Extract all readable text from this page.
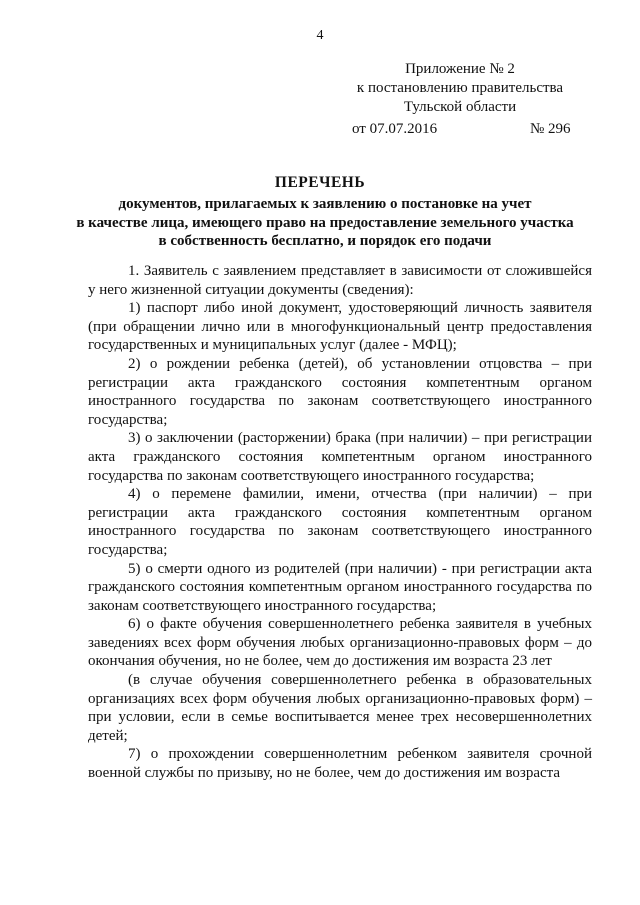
4
Приложение № 2
к постановлению правительства
Тульской области
от 07.07.2016	№ 296
ПЕРЕЧЕНЬ
документов, прилагаемых к заявлению о постановке на учет
в качестве лица, имеющего право на предоставление земельного участка
в собственность бесплатно, и порядок его подачи

1. Заявитель с заявлением представляет в зависимости от сложившейся у него жизненной ситуации документы (сведения):

1) паспорт либо иной документ, удостоверяющий личность заявителя (при обращении лично или в многофункциональный центр предоставления государственных и муниципальных услуг (далее - МФЦ);

2) о рождении ребенка (детей), об установлении отцовства – при регистрации акта гражданского состояния компетентным органом иностранного государства по законам соответствующего иностранного государства;

3) о заключении (расторжении) брака (при наличии) – при регистрации акта гражданского состояния компетентным органом иностранного государства по законам соответствующего иностранного государства;

4) о перемене фамилии, имени, отчества (при наличии) – при регистрации акта гражданского состояния компетентным органом иностранного государства по законам соответствующего иностранного государства;

5) о смерти одного из родителей (при наличии) - при регистрации акта гражданского состояния компетентным органом иностранного государства по законам соответствующего иностранного государства;

6) о факте обучения совершеннолетнего ребенка заявителя в учебных заведениях всех форм обучения любых организационно-правовых форм – до окончания обучения, но не более, чем до достижения им возраста 23 лет

(в случае обучения совершеннолетнего ребенка в образовательных организациях всех форм обучения любых организационно-правовых форм) – при условии, если в семье воспитывается менее трех несовершеннолетних детей;

7) о прохождении совершеннолетним ребенком заявителя срочной военной службы по призыву, но не более, чем до достижения им возраста
